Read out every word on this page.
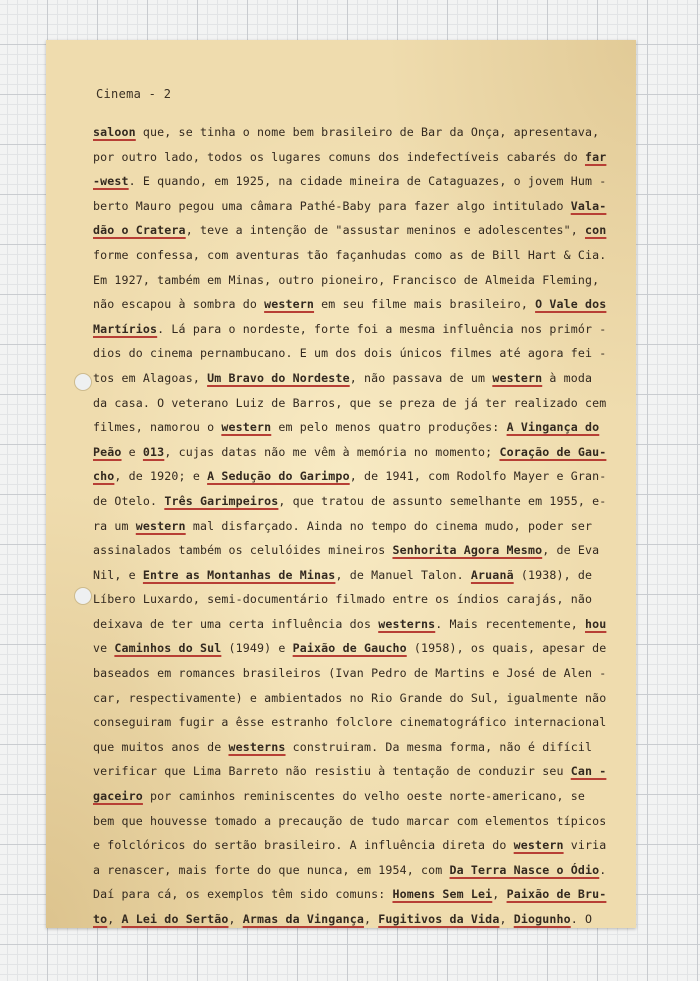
Cinema - 2
saloon que, se tinha o nome bem brasileiro de Bar da Onça, apresentava,
por outro lado, todos os lugares comuns dos indefectíveis cabarés do far
-west. E quando, em 1925, na cidade mineira de Cataguazes, o jovem Hum -
berto Mauro pegou uma câmara Pathé-Baby para fazer algo intitulado Vala-
dão o Cratera, teve a intenção de "assustar meninos e adolescentes", con
forme confessa, com aventuras tão façanhudas como as de Bill Hart & Cia.
Em 1927, também em Minas, outro pioneiro, Francisco de Almeida Fleming,
não escapou à sombra do western em seu filme mais brasileiro, O Vale dos
Martírios. Lá para o nordeste, forte foi a mesma influência nos primór -
dios do cinema pernambucano. E um dos dois únicos filmes até agora fei -
tos em Alagoas, Um Bravo do Nordeste, não passava de um western à moda
da casa. O veterano Luiz de Barros, que se preza de já ter realizado cem
filmes, namorou o western em pelo menos quatro produções: A Vingança do
Peão e 013, cujas datas não me vêm à memória no momento; Coração de Gau-
cho, de 1920; e A Sedução do Garimpo, de 1941, com Rodolfo Mayer e Gran-
de Otelo. Três Garimpeiros, que tratou de assunto semelhante em 1955, e-
ra um western mal disfarçado. Ainda no tempo do cinema mudo, poder ser
assinalados também os celulóides mineiros Senhorita Agora Mesmo, de Eva
Nil, e Entre as Montanhas de Minas, de Manuel Talon. Aruanã (1938), de
Líbero Luxardo, semi-documentário filmado entre os índios carajás, não
deixava de ter uma certa influência dos westerns. Mais recentemente, hou
ve Caminhos do Sul (1949) e Paixão de Gaucho (1958), os quais, apesar de
baseados em romances brasileiros (Ivan Pedro de Martins e José de Alen -
car, respectivamente) e ambientados no Rio Grande do Sul, igualmente não
conseguiram fugir a êsse estranho folclore cinematográfico internacional
que muitos anos de westerns construiram. Da mesma forma, não é difícil
verificar que Lima Barreto não resistiu à tentação de conduzir seu Can -
gaceiro por caminhos reminiscentes do velho oeste norte-americano, se
bem que houvesse tomado a precaução de tudo marcar com elementos típicos
e folclóricos do sertão brasileiro. A influência direta do western viria
a renascer, mais forte do que nunca, em 1954, com Da Terra Nasce o Ódio.
Daí para cá, os exemplos têm sido comuns: Homens Sem Lei, Paixão de Bru-
to, A Lei do Sertão, Armas da Vingança, Fugitivos da Vida, Diogunho. O
